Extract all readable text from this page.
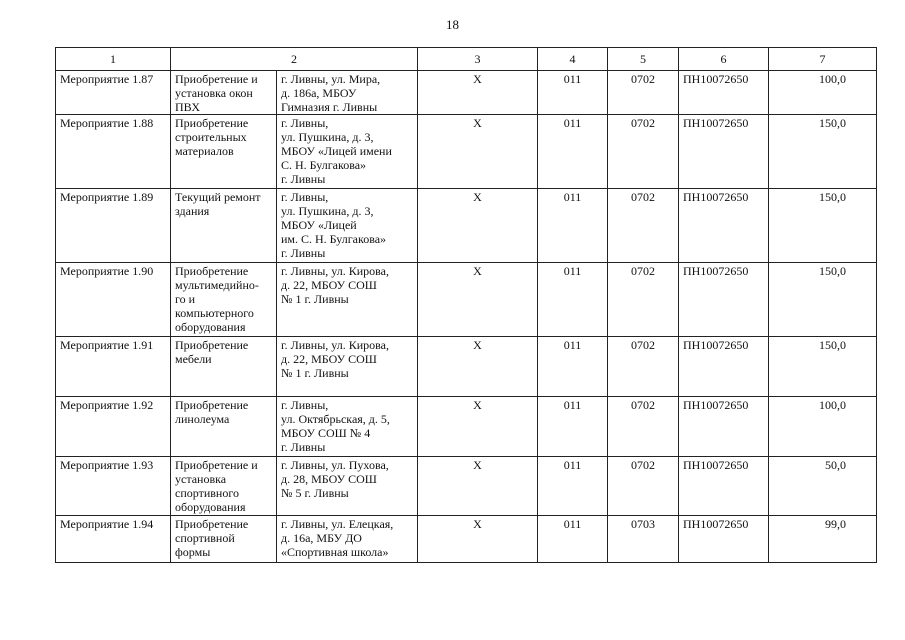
18
1	2		3	4	5	6	7

Мероприятие 1.87	Приобретение и
установка окон
ПВХ	г. Ливны, ул. Мира,
д. 186а, МБОУ
Гимназия г. Ливны	Х	011	0702	ПН10072650	100,0

Мероприятие 1.88	Приобретение
строительных
материалов	г. Ливны,
ул. Пушкина, д. 3,
МБОУ «Лицей имени
С. Н. Булгакова»
г. Ливны	Х	011	0702	ПН10072650	150,0

Мероприятие 1.89	Текущий ремонт
здания	г. Ливны,
ул. Пушкина, д. 3,
МБОУ «Лицей
им. С. Н. Булгакова»
г. Ливны	Х	011	0702	ПН10072650	150,0

Мероприятие 1.90	Приобретение
мультимедийно-
го и
компьютерного
оборудования	г. Ливны, ул. Кирова,
д. 22, МБОУ СОШ
№ 1 г. Ливны	Х	011	0702	ПН10072650	150,0

Мероприятие 1.91	Приобретение
мебели	г. Ливны, ул. Кирова,
д. 22, МБОУ СОШ
№ 1 г. Ливны	Х	011	0702	ПН10072650	150,0

Мероприятие 1.92	Приобретение
линолеума	г. Ливны,
ул. Октябрьская, д. 5,
МБОУ СОШ № 4
г. Ливны	Х	011	0702	ПН10072650	100,0

Мероприятие 1.93	Приобретение и
установка
спортивного
оборудования	г. Ливны, ул. Пухова,
д. 28, МБОУ СОШ
№ 5 г. Ливны	Х	011	0702	ПН10072650	50,0

Мероприятие 1.94	Приобретение
спортивной
формы	г. Ливны, ул. Елецкая,
д. 16а, МБУ ДО
«Спортивная школа»	Х	011	0703	ПН10072650	99,0
